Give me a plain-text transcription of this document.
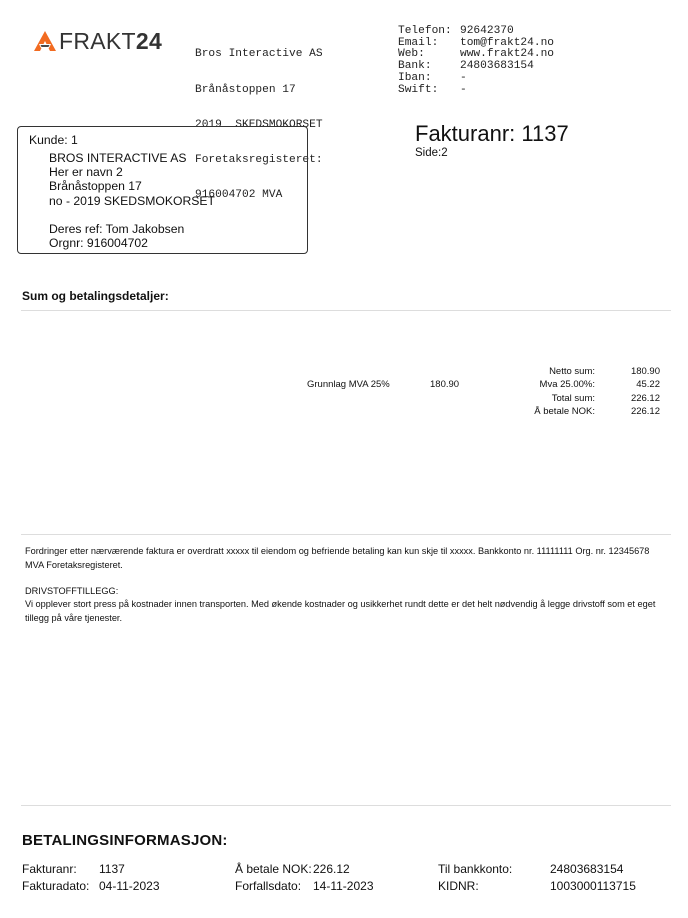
FRAKT24

Bros Interactive AS

Brånåstoppen 17

2019  SKEDSMOKORSET

Foretaksregisteret:

916004702 MVA

Telefon:	92642370
Email:	tom@frakt24.no
Web:	www.frakt24.no
Bank:	24803683154
Iban:	-
Swift:	-
Kunde: 1
BROS INTERACTIVE AS
Her er navn 2
Brånåstoppen 17
no - 2019 SKEDSMOKORSET
Deres ref: Tom Jakobsen
Orgnr: 916004702
Fakturanr: 1137
Side:2
Sum og betalingsdetaljer:
Grunnlag MVA 25%	180.90
Netto sum:	180.90
Mva 25.00%:	45.22
Total sum:	226.12
Å betale NOK:	226.12
Fordringer etter nærværende faktura er overdratt xxxxx til eiendom og befriende betaling kan kun skje til xxxxx. Bankkonto nr. 11111111 Org. nr. 12345678 MVA Foretaksregisteret.
DRIVSTOFFTILLEGG:
Vi opplever stort press på kostnader innen transporten. Med økende kostnader og usikkerhet rundt dette er det helt nødvendig å legge drivstoff som et eget tillegg på våre tjenester.
BETALINGSINFORMASJON:
Fakturanr: 1137
Fakturadato: 04-11-2023
Å betale NOK: 226.12
Forfallsdato: 14-11-2023
Til bankkonto:	24803683154
KIDNR:	1003000113715
